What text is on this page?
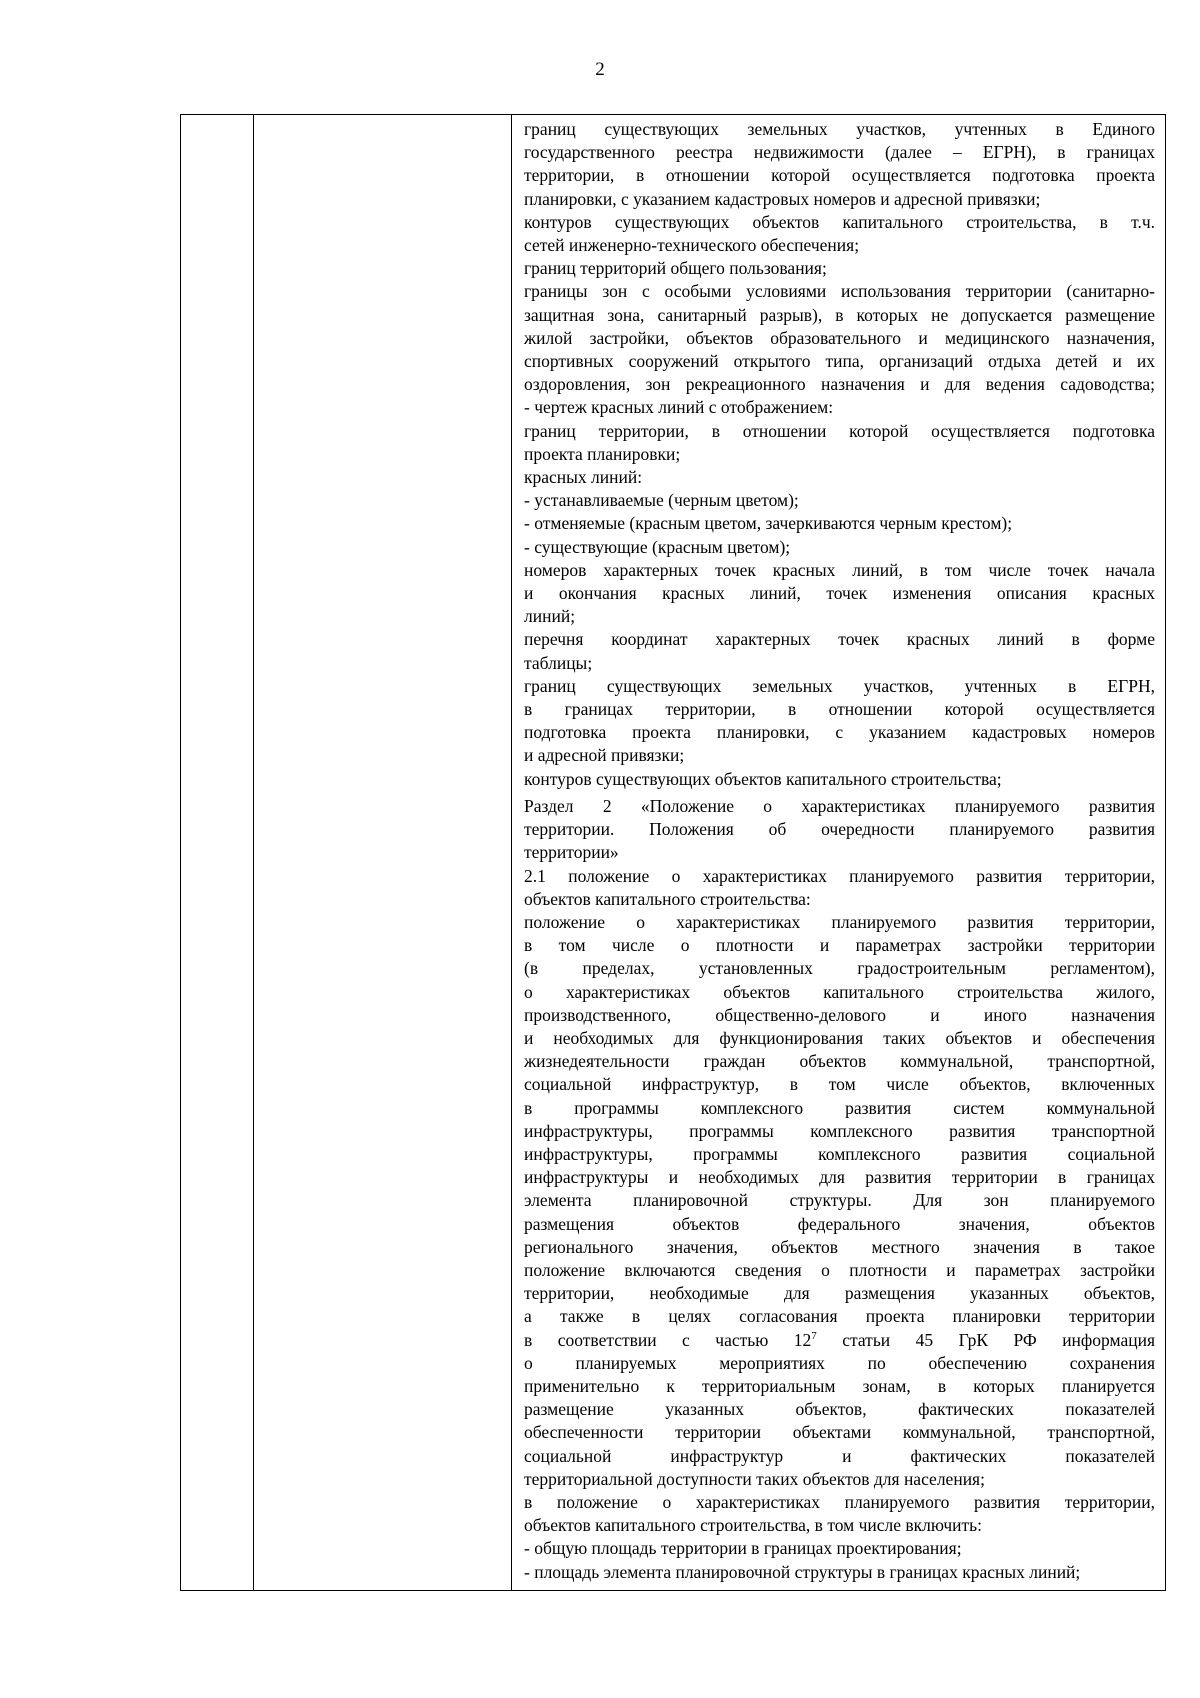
2

границ существующих земельных участков, учтенных в Единого
государственного реестра недвижимости (далее – ЕГРН), в границах
территории, в отношении которой осуществляется подготовка проекта
планировки, с указанием кадастровых номеров и адресной привязки;
контуров существующих объектов капитального строительства, в т.ч.
сетей инженерно-технического обеспечения;
границ территорий общего пользования;
границы зон с особыми условиями использования территории (санитарно-
защитная зона, санитарный разрыв), в которых не допускается размещение
жилой застройки, объектов образовательного и медицинского назначения,
спортивных сооружений открытого типа, организаций отдыха детей и их
оздоровления, зон рекреационного назначения и для ведения садоводства;
- чертеж красных линий с отображением:
границ территории, в отношении которой осуществляется подготовка
проекта планировки;
красных линий:
- устанавливаемые (черным цветом);
- отменяемые (красным цветом, зачеркиваются черным крестом);
- существующие (красным цветом);
номеров характерных точек красных линий, в том числе точек начала
и окончания красных линий, точек изменения описания красных
линий;
перечня координат характерных точек красных линий в форме
таблицы;
границ существующих земельных участков, учтенных в ЕГРН,
в границах территории, в отношении которой осуществляется
подготовка проекта планировки, с указанием кадастровых номеров
и адресной привязки;
контуров существующих объектов капитального строительства;
Раздел 2 «Положение о характеристиках планируемого развития
территории. Положения об очередности планируемого развития
территории»
2.1 положение о характеристиках планируемого развития территории,
объектов капитального строительства:
положение о характеристиках планируемого развития территории,
в том числе о плотности и параметрах застройки территории
(в пределах, установленных градостроительным регламентом),
о характеристиках объектов капитального строительства жилого,
производственного, общественно-делового и иного назначения
и необходимых для функционирования таких объектов и обеспечения
жизнедеятельности граждан объектов коммунальной, транспортной,
социальной инфраструктур, в том числе объектов, включенных
в программы комплексного развития систем коммунальной
инфраструктуры, программы комплексного развития транспортной
инфраструктуры, программы комплексного развития социальной
инфраструктуры и необходимых для развития территории в границах
элемента планировочной структуры. Для зон планируемого
размещения объектов федерального значения, объектов
регионального значения, объектов местного значения в такое
положение включаются сведения о плотности и параметрах застройки
территории, необходимые для размещения указанных объектов,
а также в целях согласования проекта планировки территории
в соответствии с частью $12^7$ статьи 45 ГрК РФ информация
о планируемых мероприятиях по обеспечению сохранения
применительно к территориальным зонам, в которых планируется
размещение указанных объектов, фактических показателей
обеспеченности территории объектами коммунальной, транспортной,
социальной инфраструктур и фактических показателей
территориальной доступности таких объектов для населения;
в положение о характеристиках планируемого развития территории,
объектов капитального строительства, в том числе включить:
- общую площадь территории в границах проектирования;
- площадь элемента планировочной структуры в границах красных линий;
